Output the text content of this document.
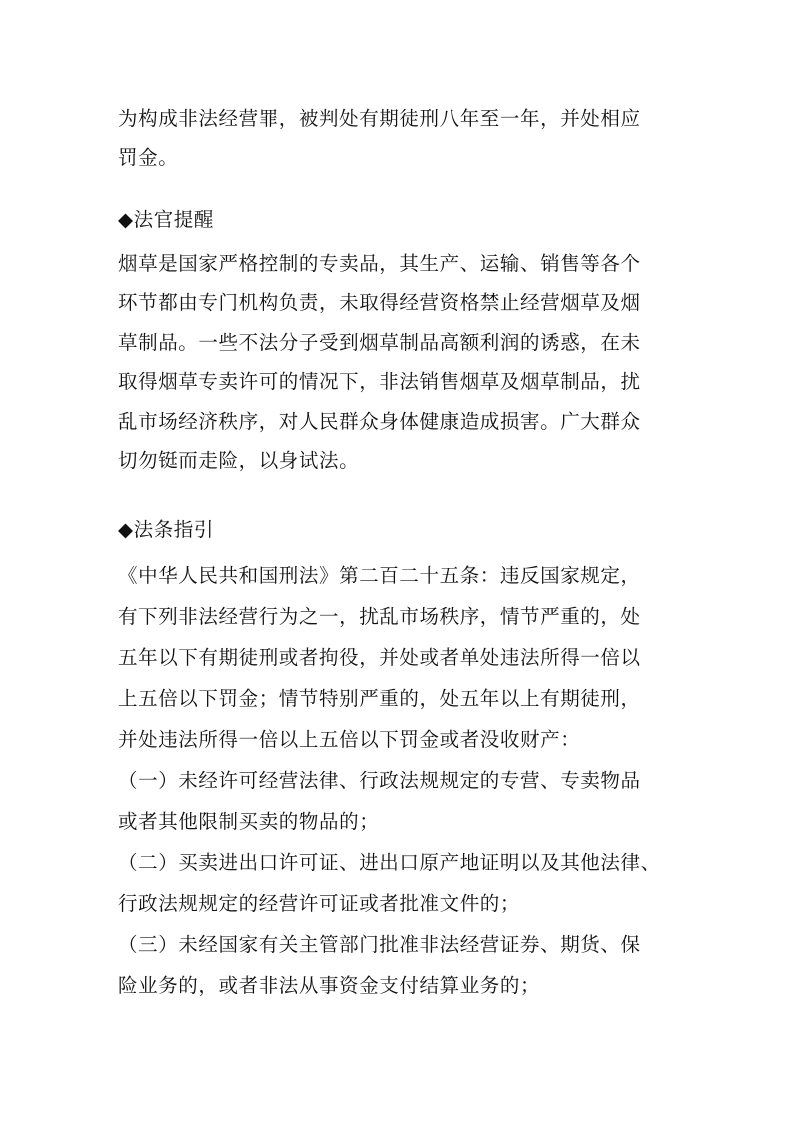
为构成非法经营罪，被判处有期徒刑八年至一年，并处相应
罚金。
◆法官提醒
烟草是国家严格控制的专卖品，其生产、运输、销售等各个
环节都由专门机构负责，未取得经营资格禁止经营烟草及烟
草制品。一些不法分子受到烟草制品高额利润的诱惑，在未
取得烟草专卖许可的情况下，非法销售烟草及烟草制品，扰
乱市场经济秩序，对人民群众身体健康造成损害。广大群众
切勿铤而走险，以身试法。
◆法条指引
《中华人民共和国刑法》第二百二十五条：违反国家规定，
有下列非法经营行为之一，扰乱市场秩序，情节严重的，处
五年以下有期徒刑或者拘役，并处或者单处违法所得一倍以
上五倍以下罚金；情节特别严重的，处五年以上有期徒刑，
并处违法所得一倍以上五倍以下罚金或者没收财产：
（一）未经许可经营法律、行政法规规定的专营、专卖物品
或者其他限制买卖的物品的；
（二）买卖进出口许可证、进出口原产地证明以及其他法律、
行政法规规定的经营许可证或者批准文件的；
（三）未经国家有关主管部门批准非法经营证券、期货、保
险业务的，或者非法从事资金支付结算业务的；
